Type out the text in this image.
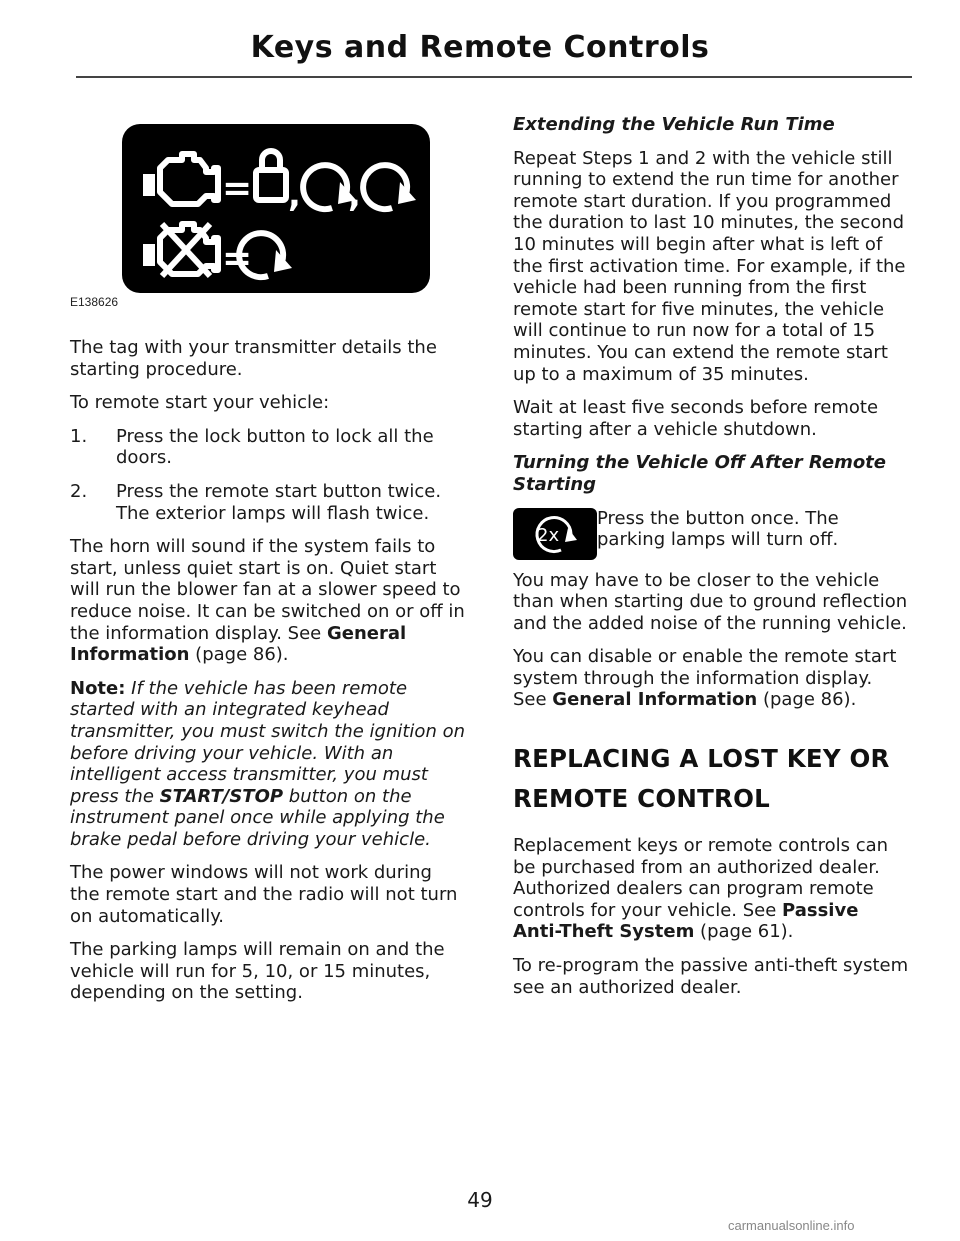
Keys and Remote Controls
= , ,
=
E138626

The tag with your transmitter details the starting procedure.

To remote start your vehicle:

1. Press the lock button to lock all the doors.
2. Press the remote start button twice. The exterior lamps will flash twice.

The horn will sound if the system fails to start, unless quiet start is on. Quiet start will run the blower fan at a slower speed to reduce noise. It can be switched on or off in the information display. See General Information (page 86).

Note: If the vehicle has been remote started with an integrated keyhead transmitter, you must switch the ignition on before driving your vehicle. With an intelligent access transmitter, you must press the START/STOP button on the instrument panel once while applying the brake pedal before driving your vehicle.

The power windows will not work during the remote start and the radio will not turn on automatically.

The parking lamps will remain on and the vehicle will run for 5, 10, or 15 minutes, depending on the setting.

Extending the Vehicle Run Time

Repeat Steps 1 and 2 with the vehicle still running to extend the run time for another remote start duration. If you programmed the duration to last 10 minutes, the second 10 minutes will begin after what is left of the first activation time. For example, if the vehicle had been running from the first remote start for five minutes, the vehicle will continue to run now for a total of 15 minutes. You can extend the remote start up to a maximum of 35 minutes.

Wait at least five seconds before remote starting after a vehicle shutdown.

Turning the Vehicle Off After Remote Starting

2x

Press the button once. The parking lamps will turn off.

You may have to be closer to the vehicle than when starting due to ground reflection and the added noise of the running vehicle.

You can disable or enable the remote start system through the information display. See General Information (page 86).

REPLACING A LOST KEY OR
REMOTE CONTROL

Replacement keys or remote controls can be purchased from an authorized dealer. Authorized dealers can program remote controls for your vehicle. See Passive Anti-Theft System (page 61).

To re-program the passive anti-theft system see an authorized dealer.

49
carmanualsonline.info
